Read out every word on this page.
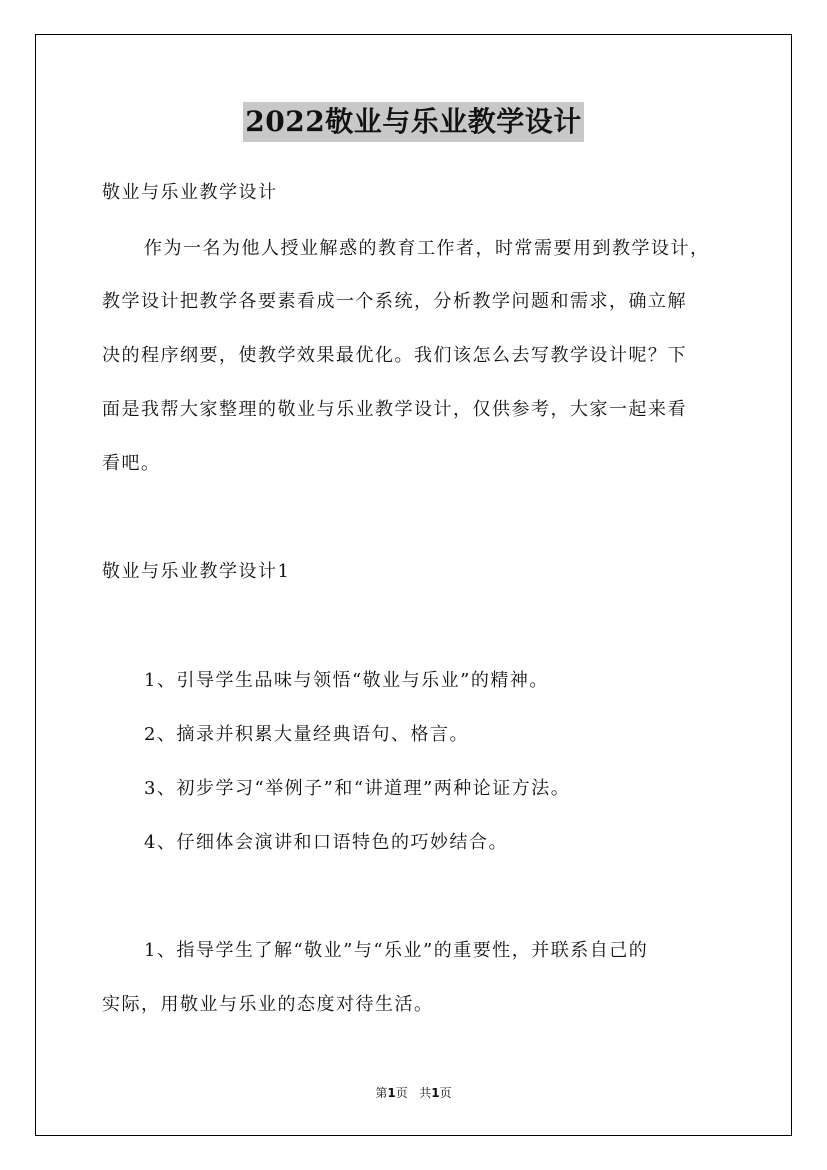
2022敬业与乐业教学设计
敬业与乐业教学设计
作为一名为他人授业解惑的教育工作者，时常需要用到教学设计，
教学设计把教学各要素看成一个系统，分析教学问题和需求，确立解
决的程序纲要，使教学效果最优化。我们该怎么去写教学设计呢？下
面是我帮大家整理的敬业与乐业教学设计，仅供参考，大家一起来看
看吧。
敬业与乐业教学设计1
1、引导学生品味与领悟“敬业与乐业”的精神。
2、摘录并积累大量经典语句、格言。
3、初步学习“举例子”和“讲道理”两种论证方法。
4、仔细体会演讲和口语特色的巧妙结合。
1、指导学生了解“敬业”与“乐业”的重要性，并联系自己的
实际，用敬业与乐业的态度对待生活。
第1页 共1页
